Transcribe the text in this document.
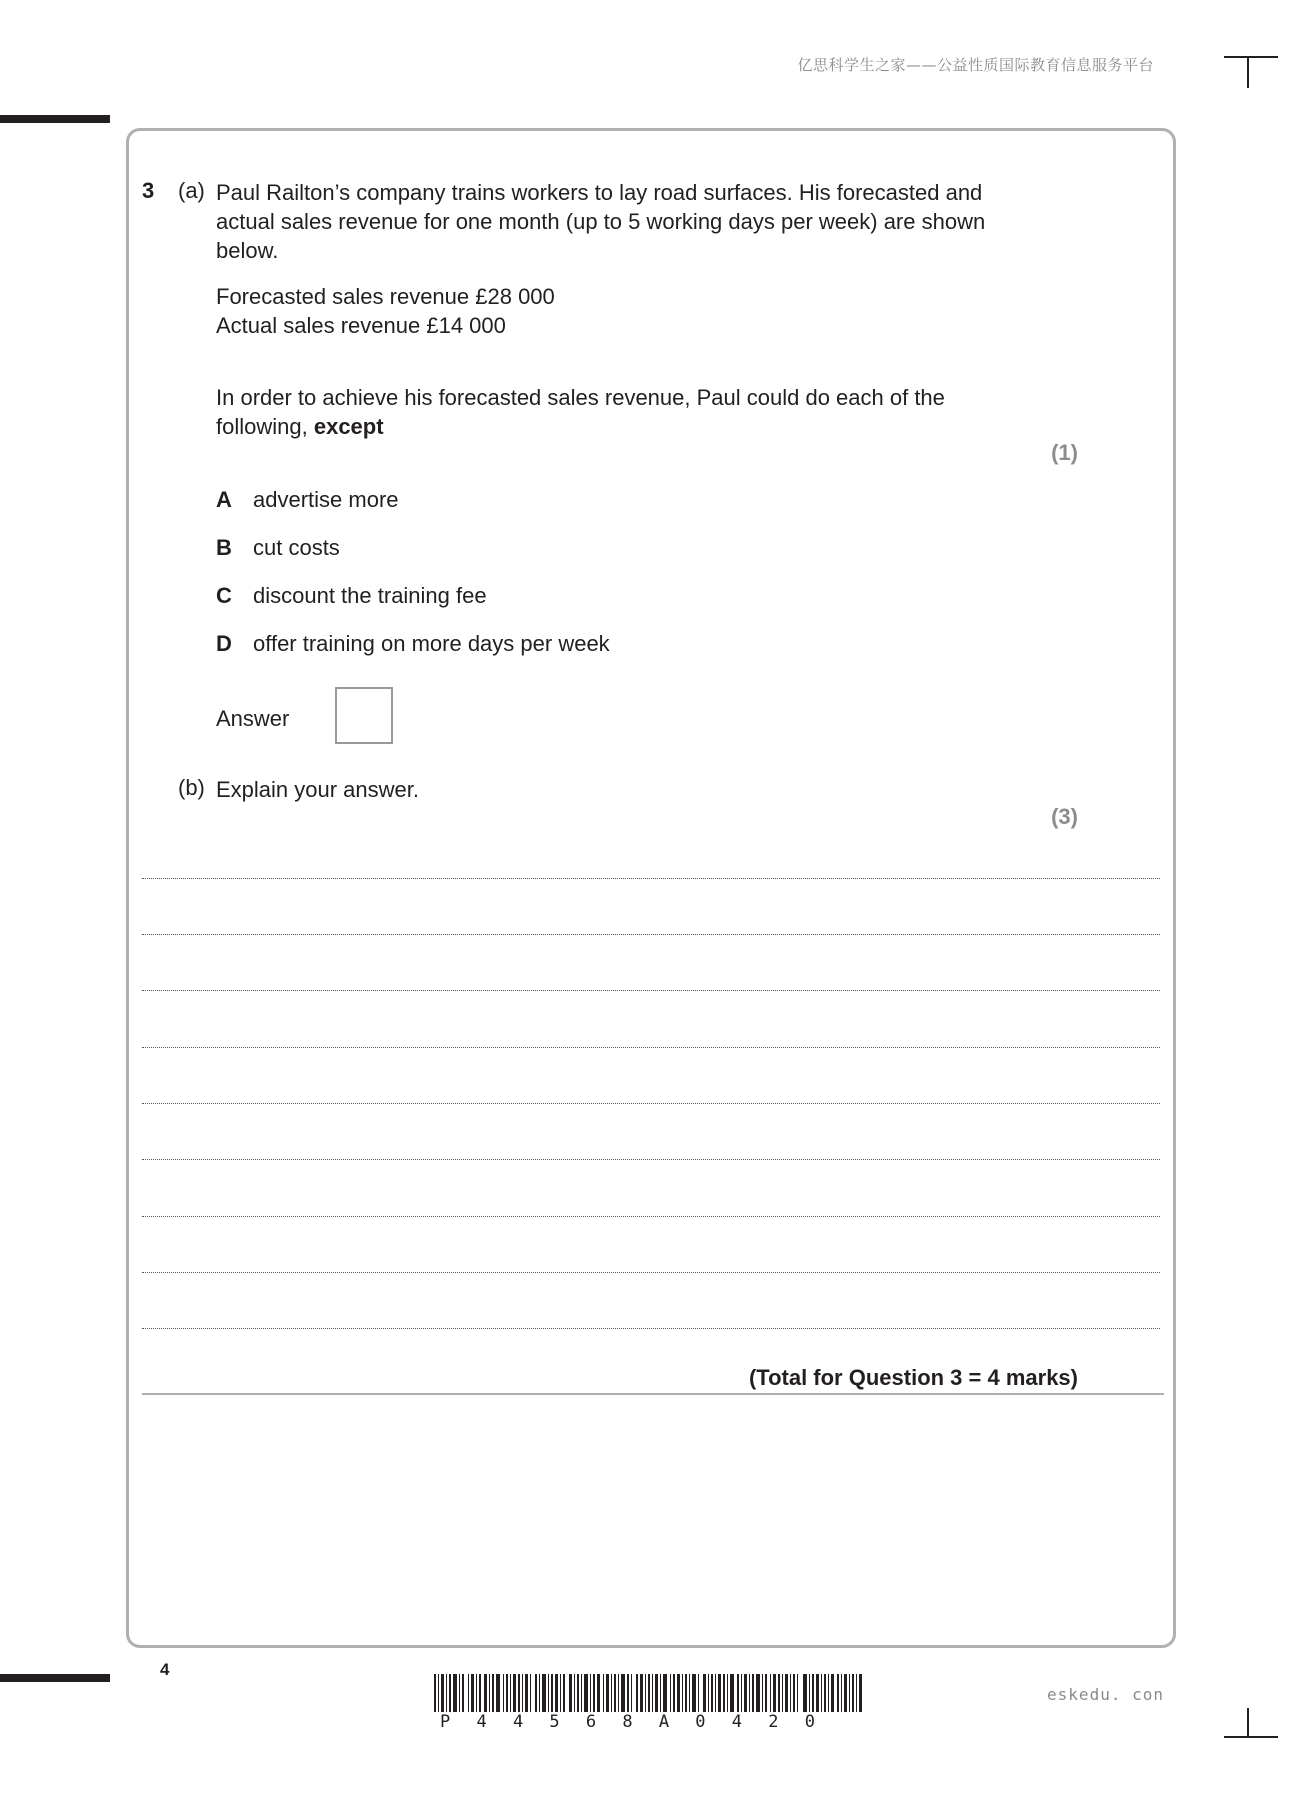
亿思科学生之家——公益性质国际教育信息服务平台
3 (a) Paul Railton’s company trains workers to lay road surfaces. His forecasted and
actual sales revenue for one month (up to 5 working days per week) are shown
below.
Forecasted sales revenue £28 000
Actual sales revenue £14 000
In order to achieve his forecasted sales revenue, Paul could do each of the
following, except
(1)
A advertise more
B cut costs
C discount the training fee
D offer training on more days per week
Answer
(b) Explain your answer.
(3)
(Total for Question 3 = 4 marks)
4
P 4 4 5 6 8 A 0 4 2 0
eskedu. con
